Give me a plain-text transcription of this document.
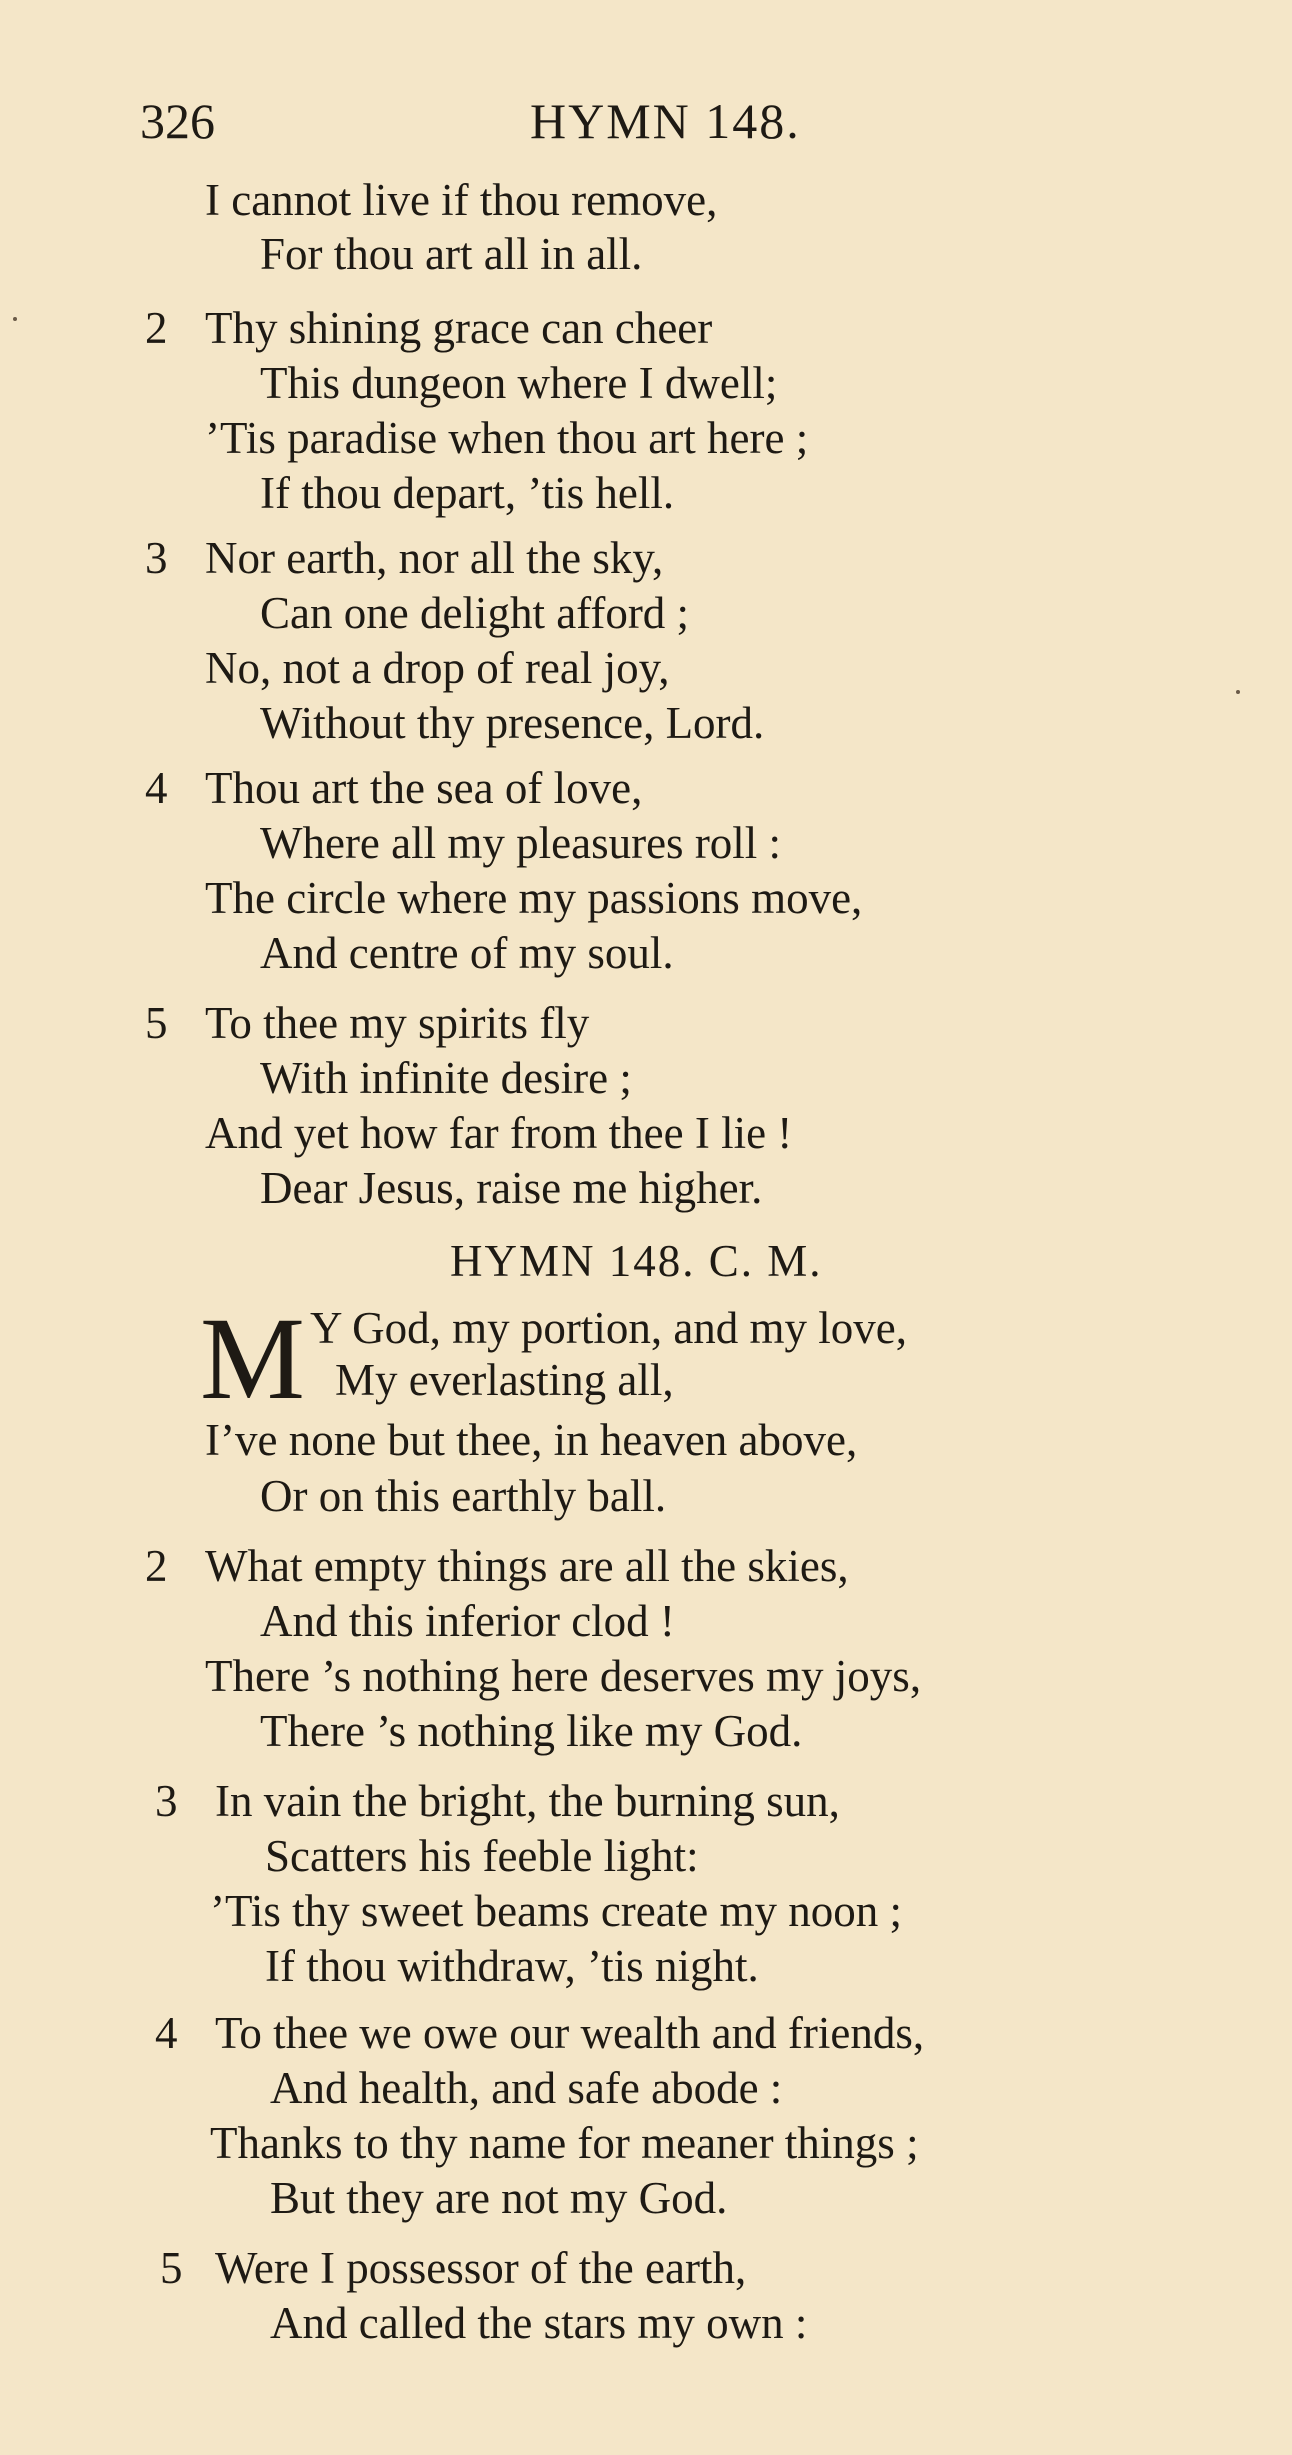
326	HYMN 148.
I cannot live if thou remove,
For thou art all in all.
2 Thy shining grace can cheer
This dungeon where I dwell;
’Tis paradise when thou art here ;
If thou depart, ’tis hell.
3 Nor earth, nor all the sky,
Can one delight afford ;
No, not a drop of real joy,
Without thy presence, Lord.
4 Thou art the sea of love,
Where all my pleasures roll :
The circle where my passions move,
And centre of my soul.
5 To thee my spirits fly
With infinite desire ;
And yet how far from thee I lie !
Dear Jesus, raise me higher.
HYMN 148. C. M.
M Y God, my portion, and my love,
My everlasting all,
I’ve none but thee, in heaven above,
Or on this earthly ball.
2 What empty things are all the skies,
And this inferior clod !
There ’s nothing here deserves my joys,
There ’s nothing like my God.
3 In vain the bright, the burning sun,
Scatters his feeble light:
’Tis thy sweet beams create my noon ;
If thou withdraw, ’tis night.
4 To thee we owe our wealth and friends,
And health, and safe abode :
Thanks to thy name for meaner things ;
But they are not my God.
5 Were I possessor of the earth,
And called the stars my own :
